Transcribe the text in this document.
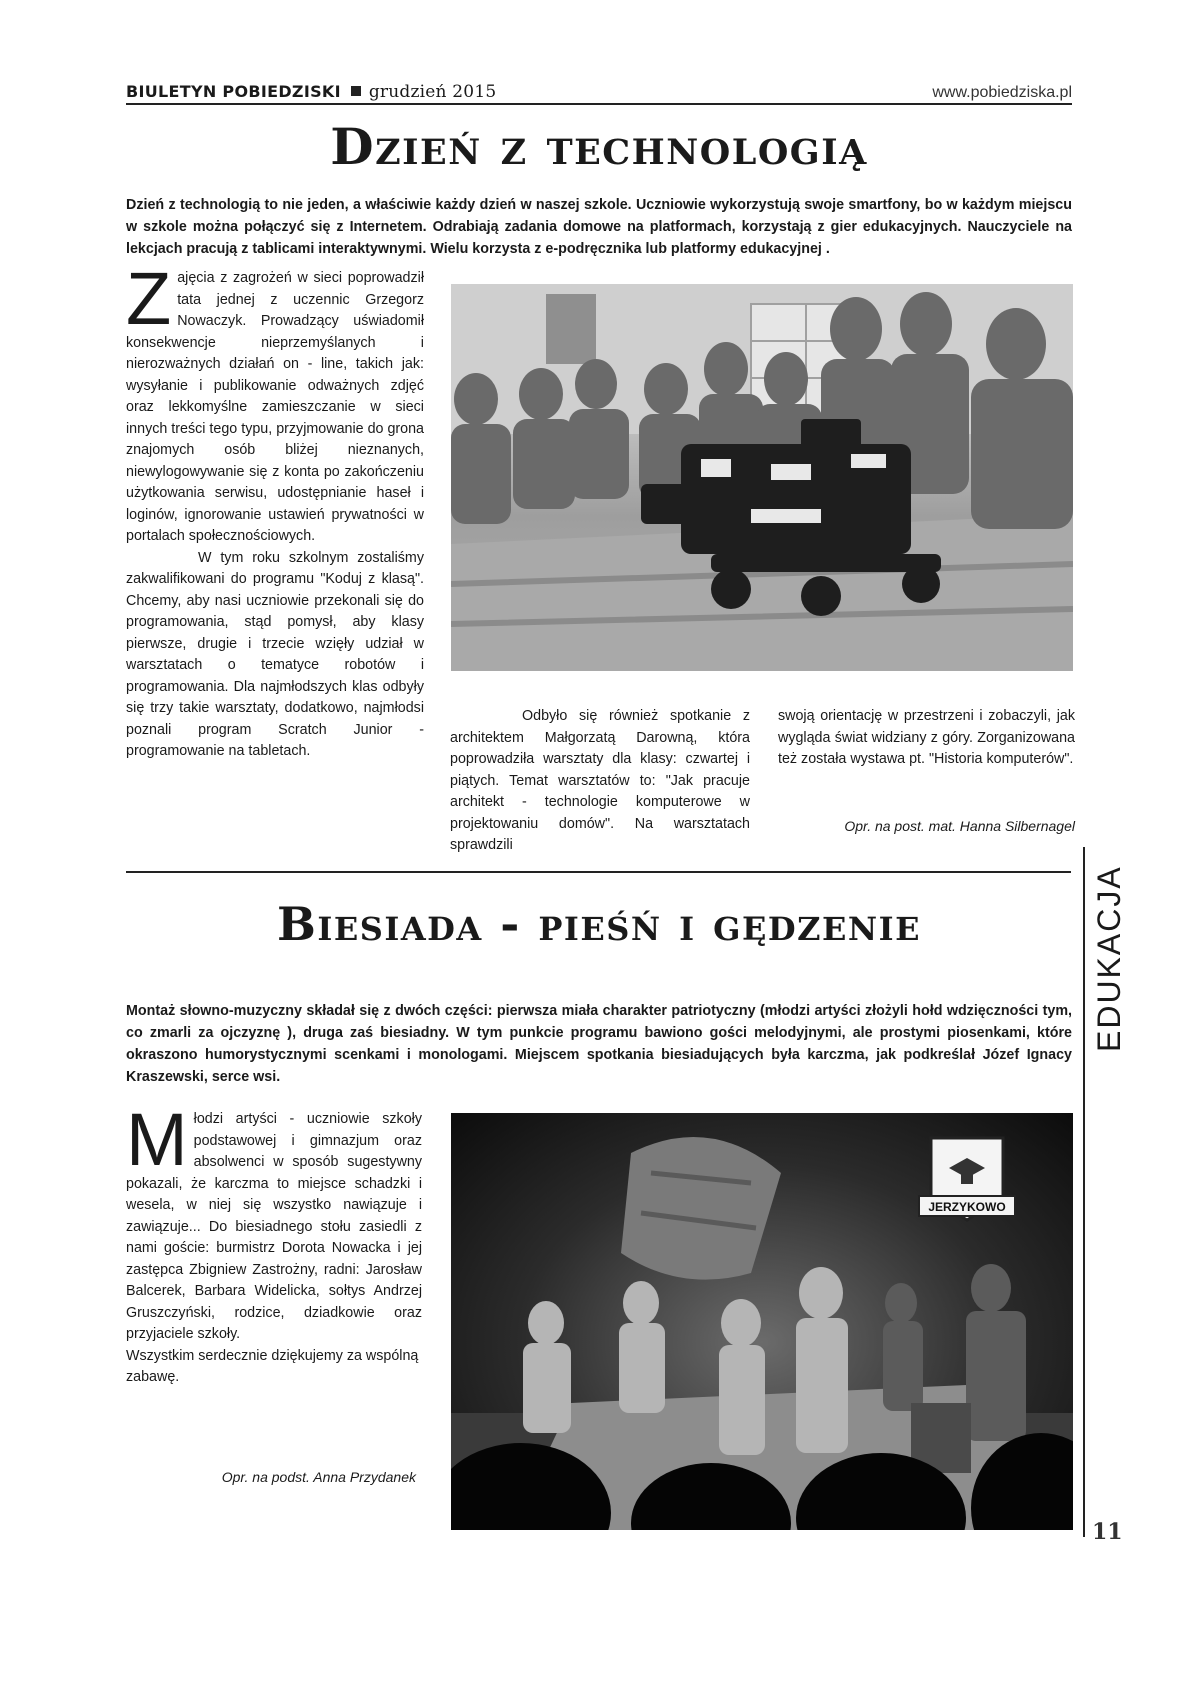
BIULETYN POBIEDZISKI grudzień 2015	www.pobiedziska.pl
Dzień z technologią
Dzień z technologią to nie jeden, a właściwie każdy dzień w naszej szkole. Uczniowie wykorzystują swoje smartfony, bo w każdym miejscu w szkole można połączyć się z Internetem. Odrabiają zadania domowe na platformach, korzystają z gier edukacyjnych. Nauczyciele na lekcjach pracują z tablicami interaktywnymi. Wielu korzysta z e-podręcznika lub platformy edukacyjnej .

Zajęcia z zagrożeń w sieci poprowadził tata jednej z uczennic Grzegorz Nowaczyk. Prowadzący uświadomił konsekwencje nieprzemyślanych i nierozważnych działań on - line, takich jak: wysyłanie i publikowanie odważnych zdjęć oraz lekkomyślne zamieszczanie w sieci innych treści tego typu, przyjmowanie do grona znajomych osób bliżej nieznanych, niewylogowywanie się z konta po zakończeniu użytkowania serwisu, udostępnianie haseł i loginów, ignorowanie ustawień prywatności w portalach społecznościowych.

W tym roku szkolnym zostaliśmy zakwalifikowani do programu "Koduj z klasą". Chcemy, aby nasi uczniowie przekonali się do programowania, stąd pomysł, aby klasy pierwsze, drugie i trzecie wzięły udział w warsztatach o tematyce robotów i programowania. Dla najmłodszych klas odbyły się trzy takie warsztaty, dodatkowo, najmłodsi poznali program Scratch Junior - programowanie na tabletach.

Odbyło się również spotkanie z architektem Małgorzatą Darowną, która poprowadziła warsztaty dla klasy: czwartej i piątych. Temat warsztatów to: "Jak pracuje architekt - technologie komputerowe w projektowaniu domów". Na warsztatach sprawdzili

swoją orientację w przestrzeni i zobaczyli, jak wygląda świat widziany z góry. Zorganizowana też została wystawa pt. "Historia komputerów".

Opr. na post. mat. Hanna Silbernagel
EDUKACJA
Biesiada - pieśń i gędzenie
Montaż słowno-muzyczny składał się z dwóch części: pierwsza miała charakter patriotyczny (młodzi artyści złożyli hołd wdzięczności tym, co zmarli za ojczyznę ), druga zaś biesiadny. W tym punkcie programu bawiono gości melodyjnymi, ale prostymi piosenkami, które okraszono humorystycznymi scenkami i monologami. Miejscem spotkania biesiadujących była karczma, jak podkreślał Józef Ignacy Kraszewski, serce wsi.

Młodzi artyści - uczniowie szkoły podstawowej i gimnazjum oraz absolwenci w sposób sugestywny pokazali, że karczma to miejsce schadzki i wesela, w niej się wszystko nawiązuje i zawiązuje... Do biesiadnego stołu zasiedli z nami goście: burmistrz Dorota Nowacka i jej zastępca Zbigniew Zastrożny, radni: Jarosław Balcerek, Barbara Widelicka, sołtys Andrzej Gruszczyński, rodzice, dziadkowie oraz przyjaciele szkoły.

Wszystkim serdecznie dziękujemy za wspólną zabawę.

Opr. na podst. Anna Przydanek
JERZYKOWO
11
